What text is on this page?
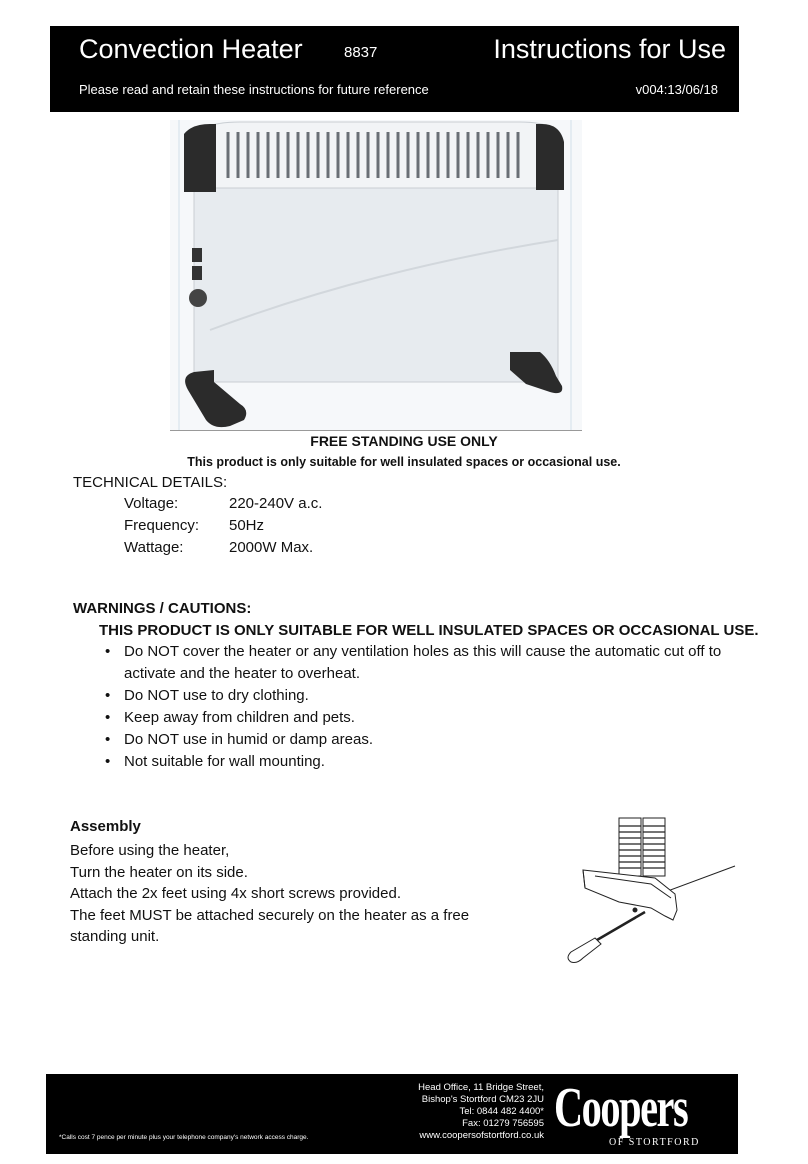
Convection Heater	8837	Instructions for Use
Please read and retain these instructions for future reference	v004:13/06/18
FREE STANDING USE ONLY
This product is only suitable for well insulated spaces or occasional use.
TECHNICAL DETAILS:
Voltage:	220-240V a.c.
Frequency: 50Hz
Wattage:	2000W Max.
WARNINGS / CAUTIONS:
THIS PRODUCT IS ONLY SUITABLE FOR WELL INSULATED SPACES OR OCCASIONAL USE.
• Do NOT cover the heater or any ventilation holes as this will cause the automatic cut off to activate and the heater to overheat.
• Do NOT use to dry clothing.
• Keep away from children and pets.
• Do NOT use in humid or damp areas.
• Not suitable for wall mounting.
Assembly
Before using the heater,
Turn the heater on its side.
Attach the 2x feet using 4x short screws provided.
The feet MUST be attached securely on the heater as a free standing unit.
*Calls cost 7 pence per minute plus your telephone company's network access charge.
Head Office, 11 Bridge Street,
Bishop's Stortford CM23 2JU
Tel: 0844 482 4400*
Fax: 01279 756595
www.coopersofstortford.co.uk Coopers
OF STORTFORD
